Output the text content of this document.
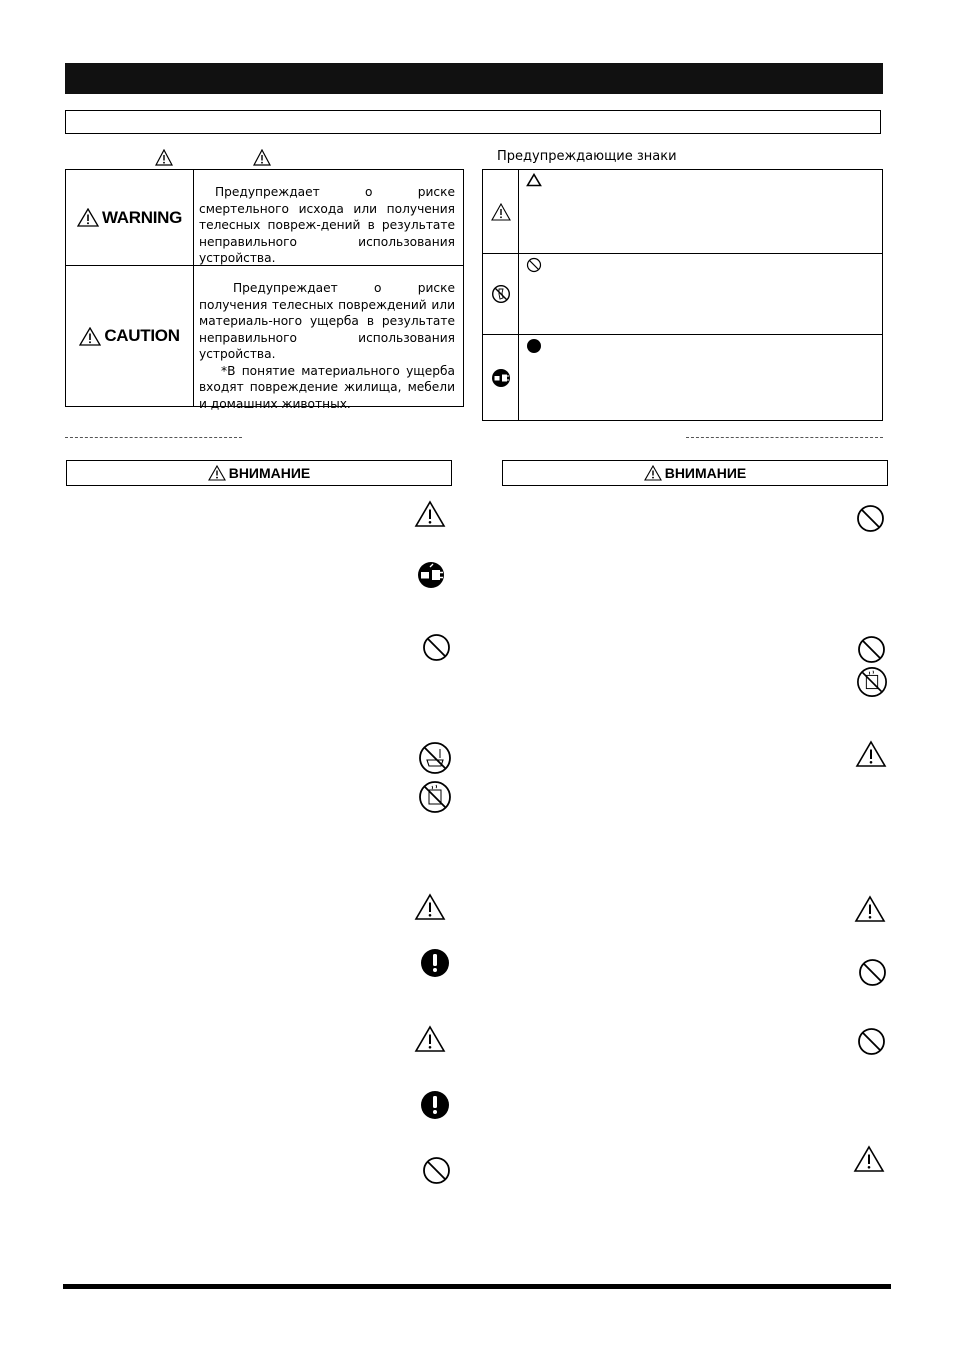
WARNING

Предупреждает о риске смертельного исхода или получения телесных повреж-дений в результате неправильного использования устройства.

CAUTION

Предупреждает о риске получения телесных повреждений или материаль-ного ущерба в результате неправильного использования устройства.

*В понятие материального ущерба входят повреждение жилища, мебели и домашних животных.

Предупреждающие знаки
ВНИМАНИЕ	ВНИМАНИЕ
